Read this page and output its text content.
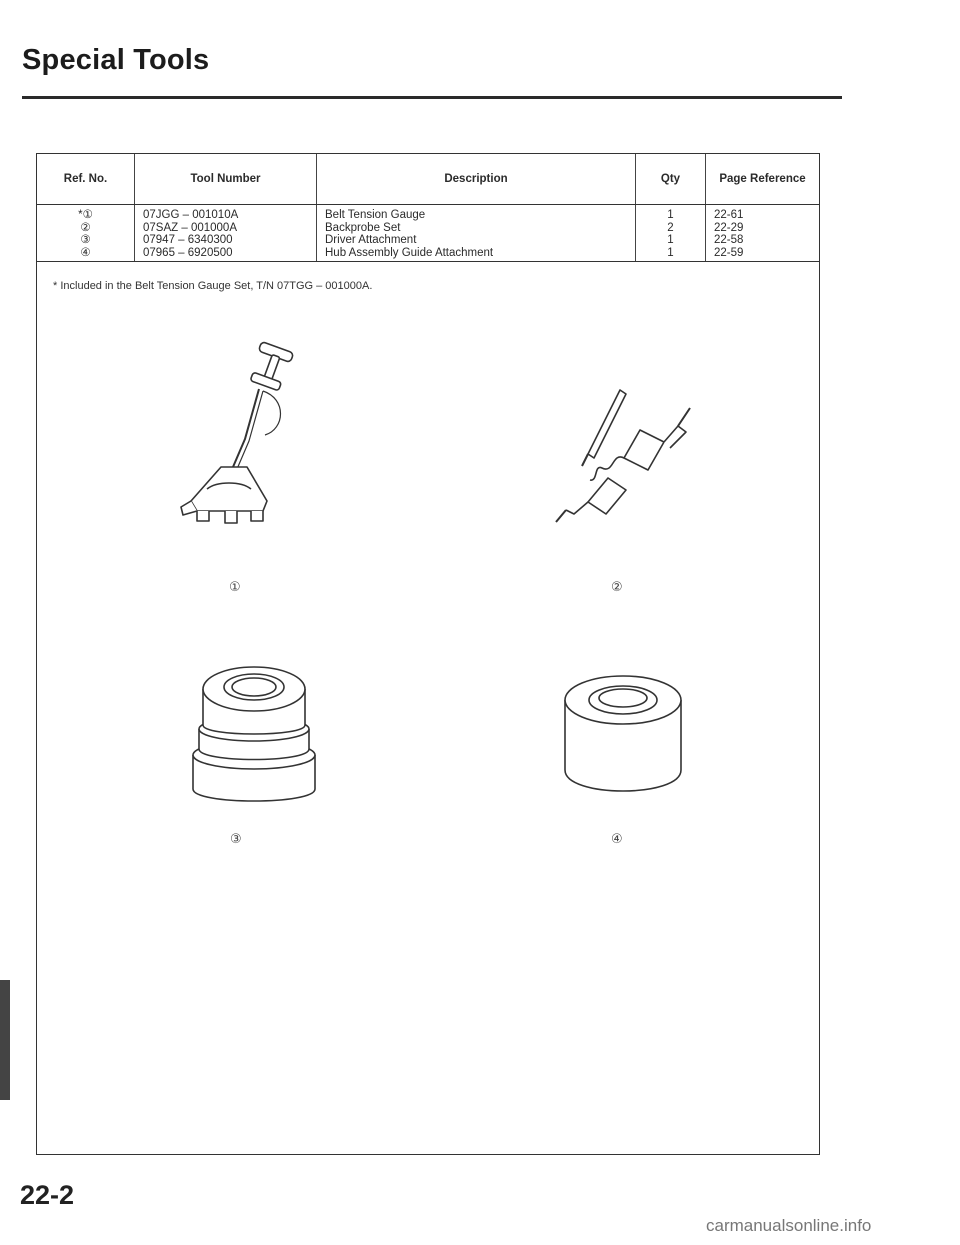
Special Tools
Ref. No.	Tool Number	Description	Qty	Page Reference
*①	07JGG – 001010A	Belt Tension Gauge	1	22-61
②	07SAZ – 001000A	Backprobe Set	2	22-29
③	07947 – 6340300	Driver Attachment	1	22-58
④	07965 – 6920500	Hub Assembly Guide Attachment	1	22-59
* Included in the Belt Tension Gauge Set, T/N 07TGG – 001000A.
①	②
③	④
22-2
carmanualsonline.info
